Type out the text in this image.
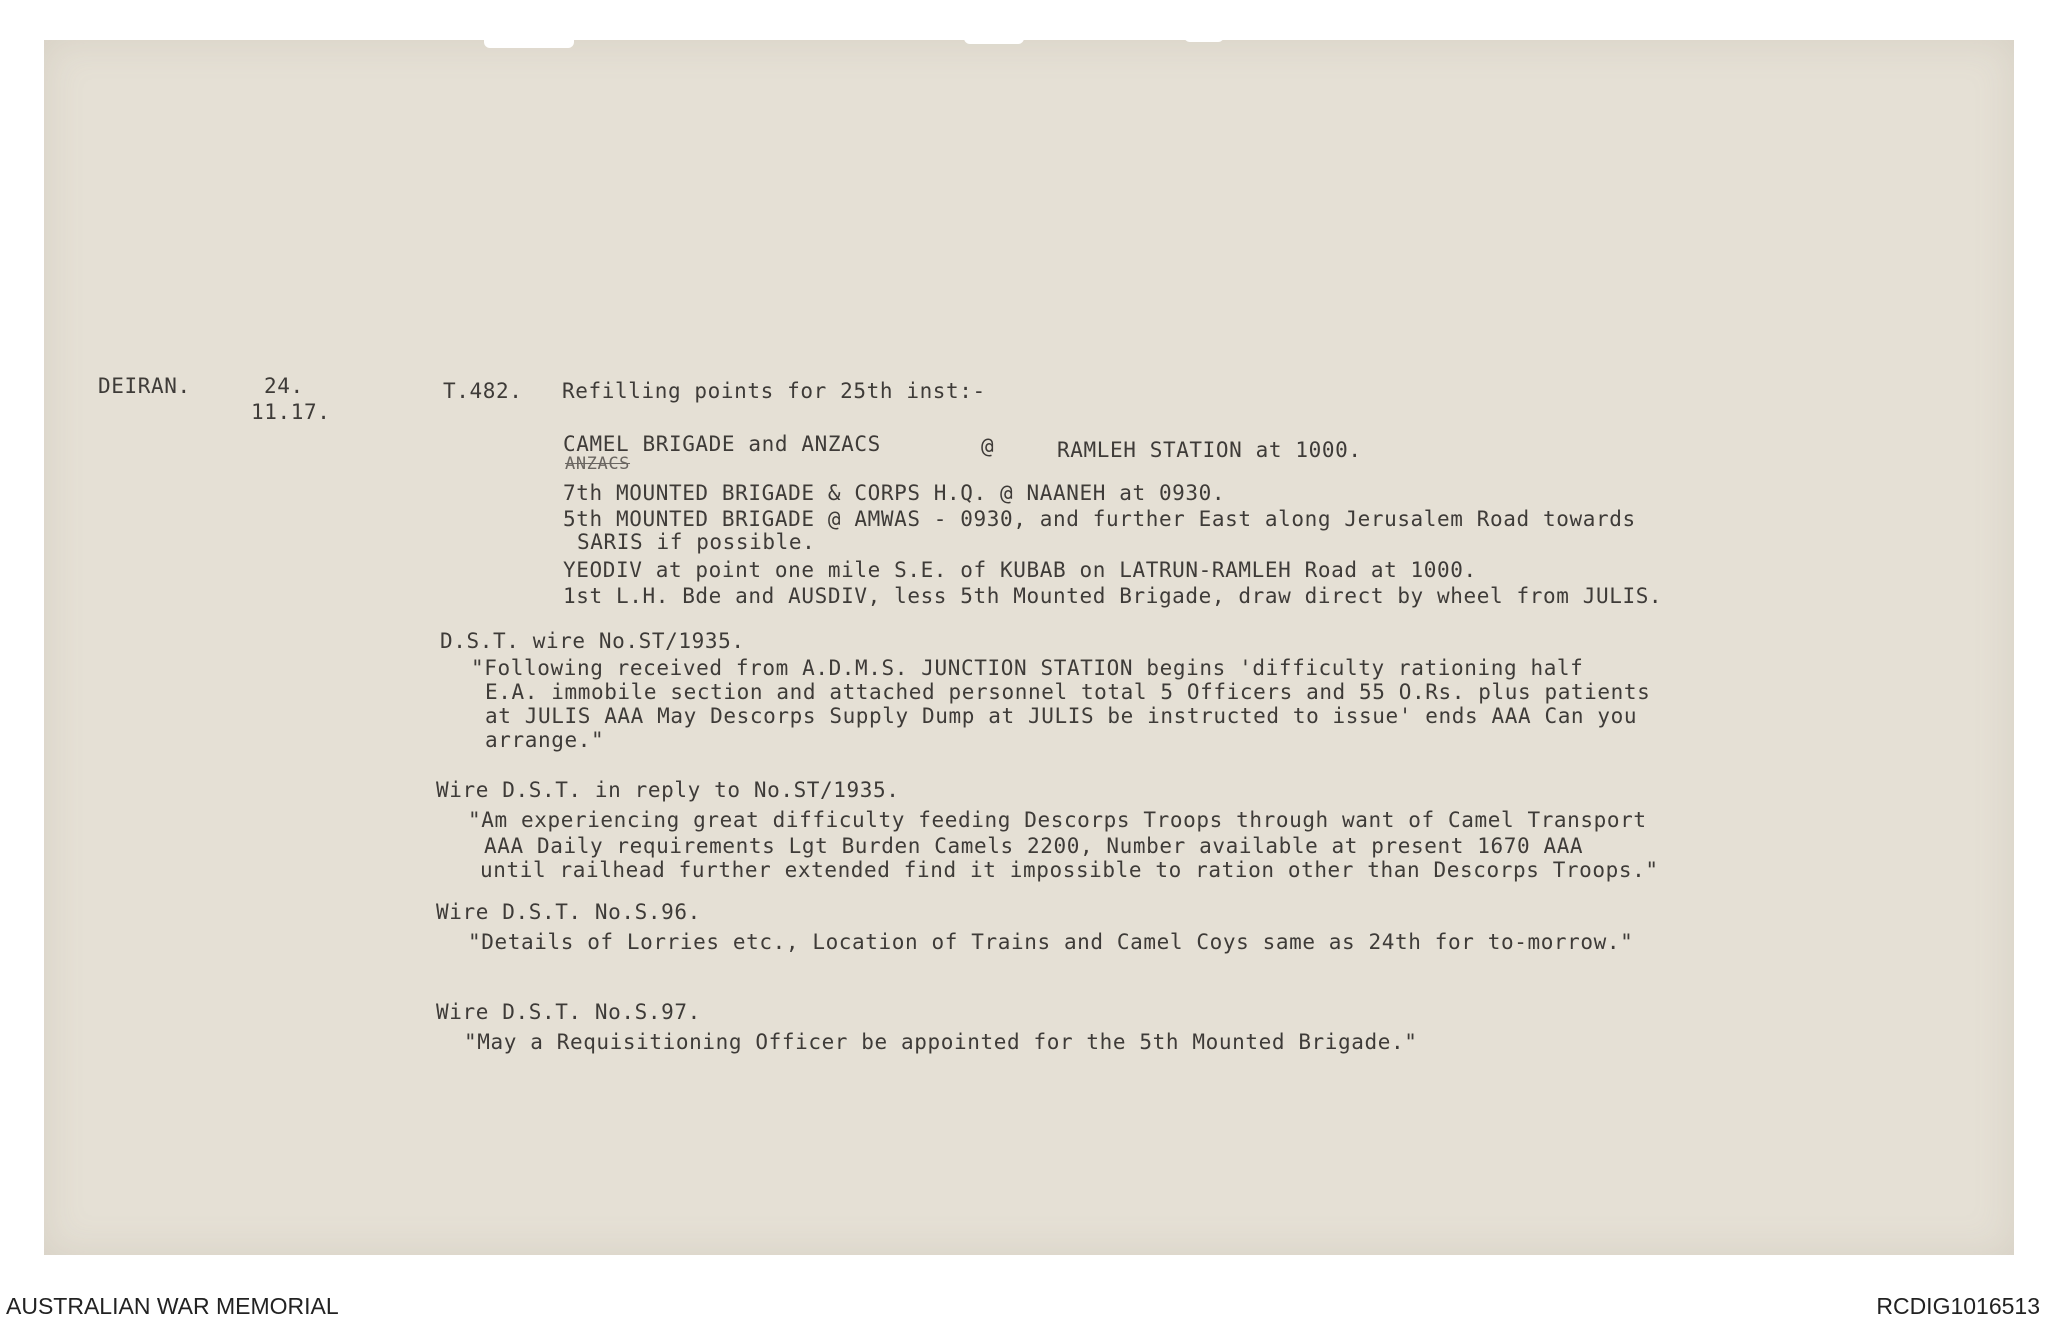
DEIRAN.	24.
11.17.
T.482. Refilling points for 25th inst:-
CAMEL BRIGADE and ANZACS	@	RAMLEH STATION at 1000.
ANZACS
7th MOUNTED BRIGADE & CORPS H.Q. @ NAANEH at 0930.
5th MOUNTED BRIGADE @ AMWAS - 0930, and further East along Jerusalem Road towards
SARIS if possible.
YEODIV at point one mile S.E. of KUBAB on LATRUN-RAMLEH Road at 1000.
1st L.H. Bde and AUSDIV, less 5th Mounted Brigade, draw direct by wheel from JULIS.
D.S.T. wire No.ST/1935.
"Following received from A.D.M.S. JUNCTION STATION begins 'difficulty rationing half
E.A. immobile section and attached personnel total 5 Officers and 55 O.Rs. plus patients
at JULIS AAA May Descorps Supply Dump at JULIS be instructed to issue' ends AAA Can you
arrange."
Wire D.S.T. in reply to No.ST/1935.
"Am experiencing great difficulty feeding Descorps Troops through want of Camel Transport
AAA Daily requirements Lgt Burden Camels 2200, Number available at present 1670 AAA
until railhead further extended find it impossible to ration other than Descorps Troops."
Wire D.S.T. No.S.96.
"Details of Lorries etc., Location of Trains and Camel Coys same as 24th for to-morrow."
Wire D.S.T. No.S.97.
"May a Requisitioning Officer be appointed for the 5th Mounted Brigade."
AUSTRALIAN WAR MEMORIAL	RCDIG1016513
